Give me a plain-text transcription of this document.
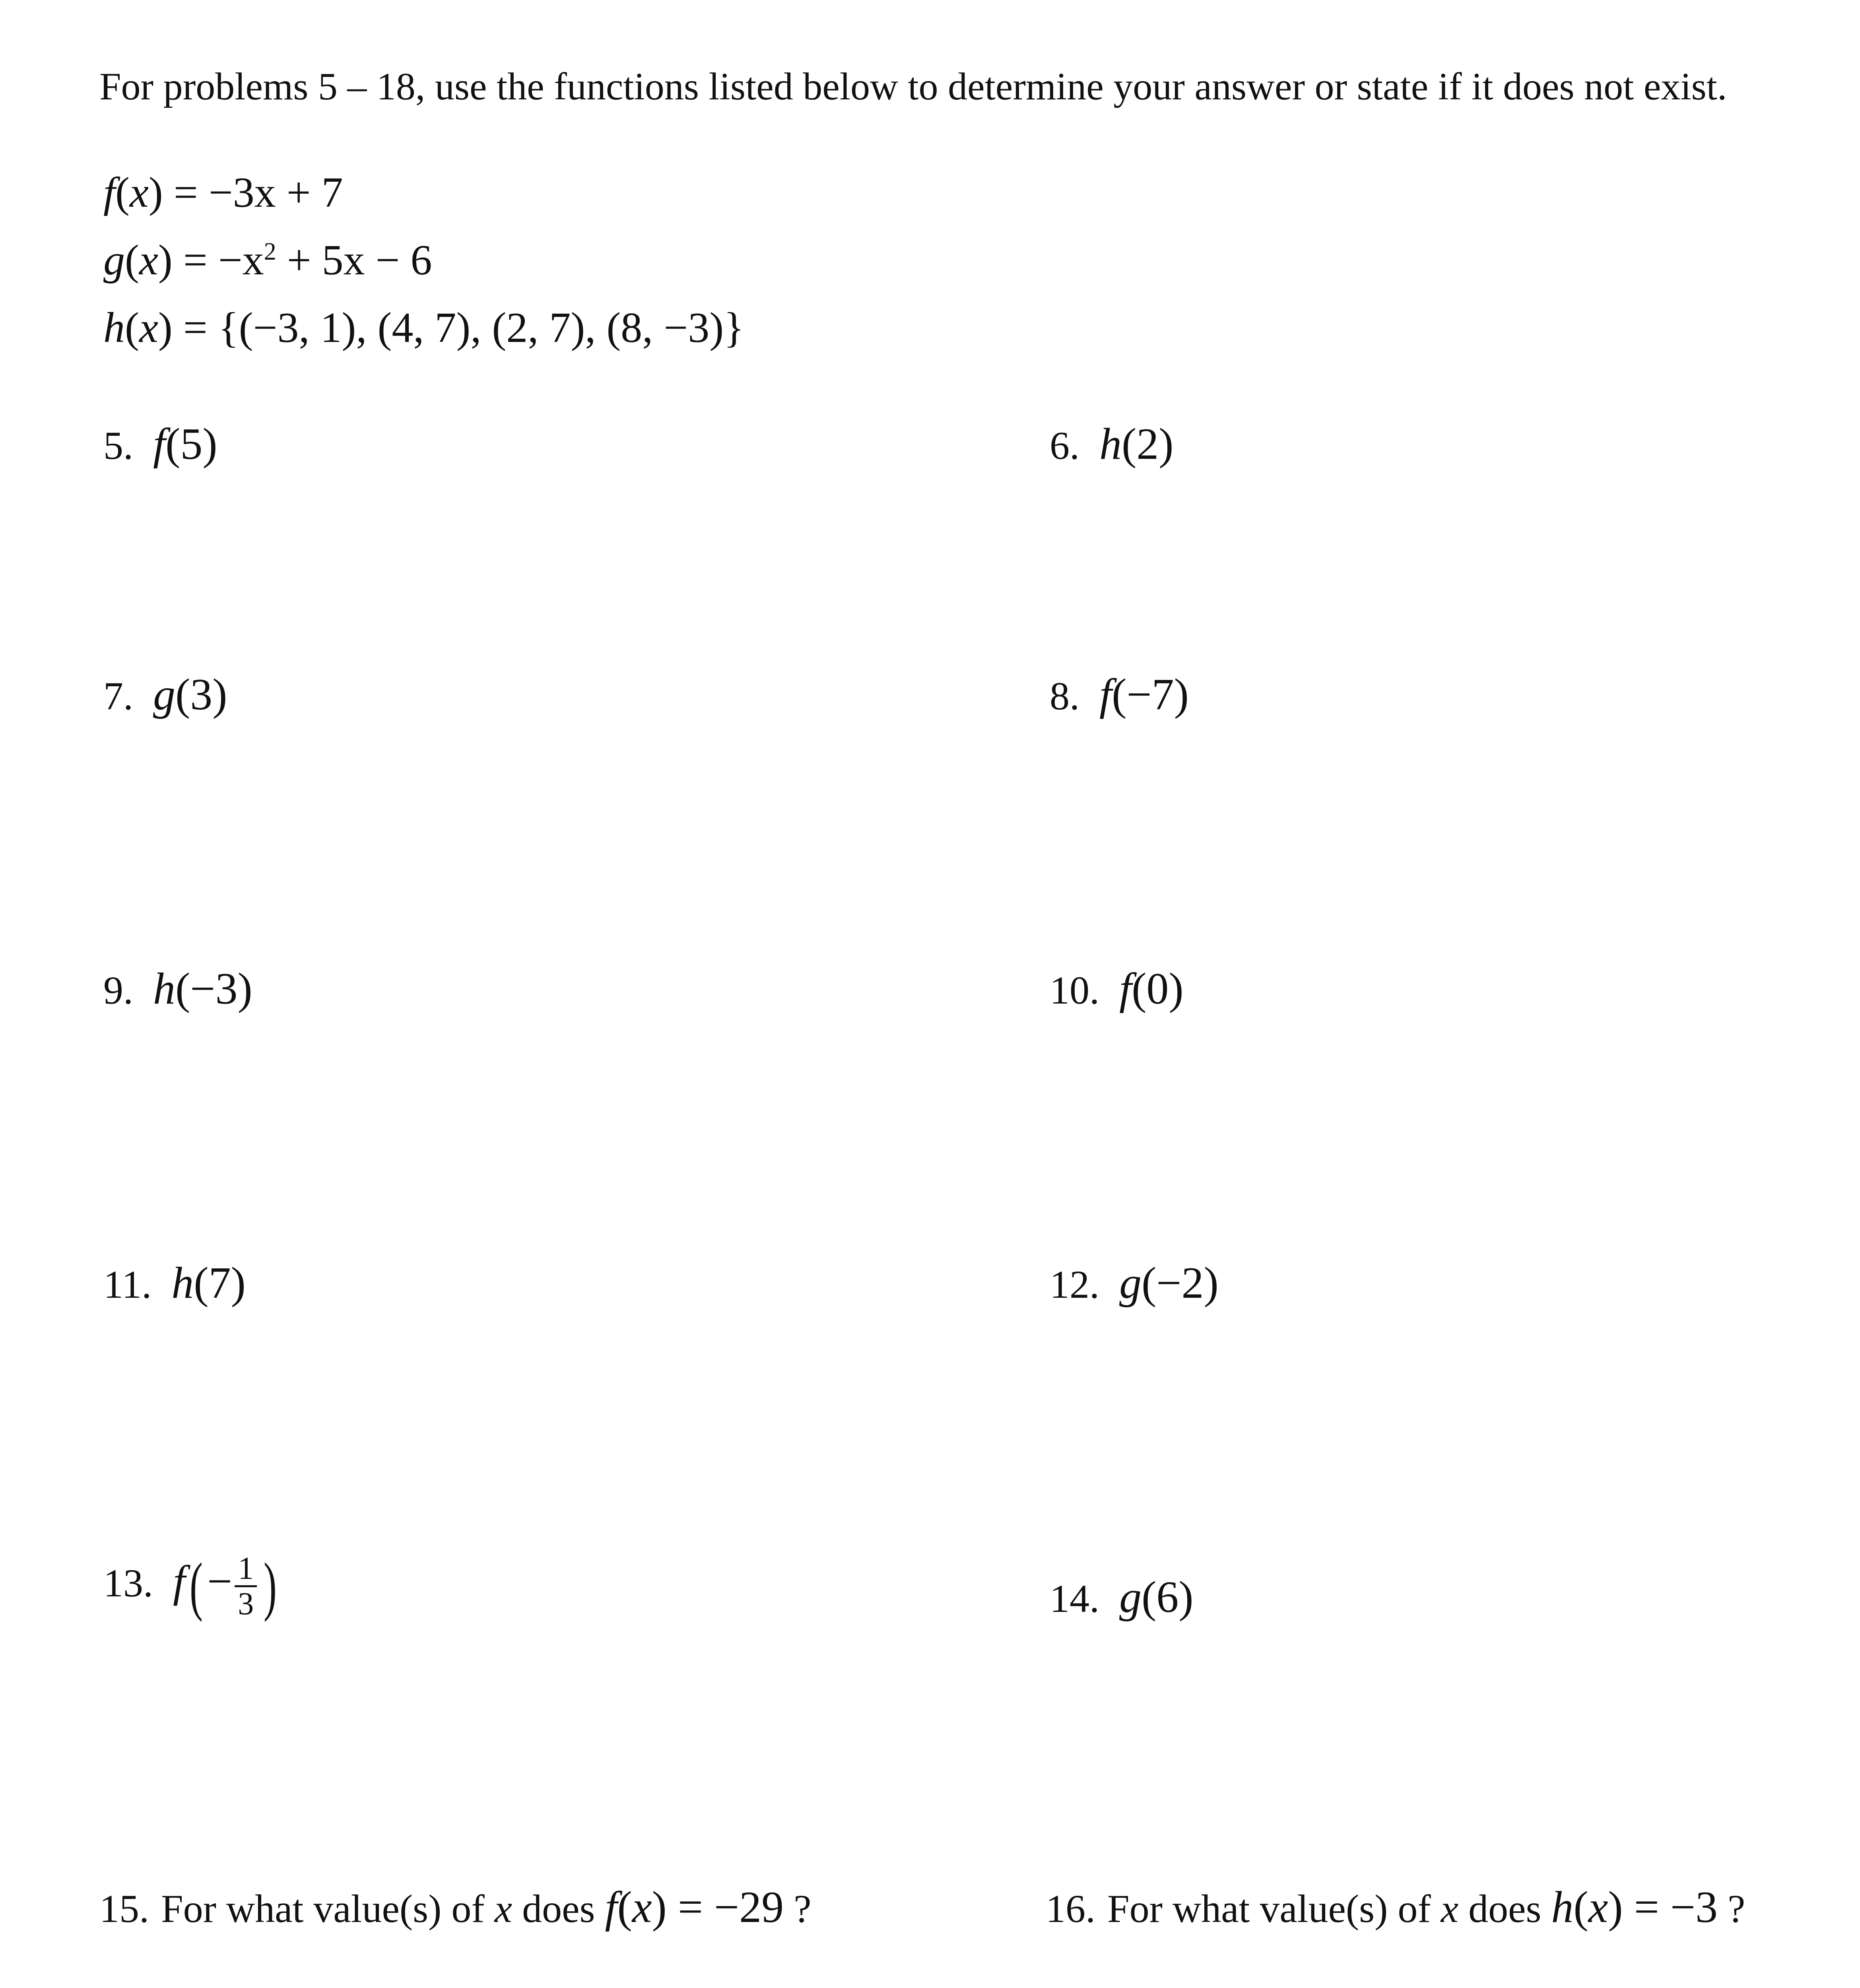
For problems 5 – 18, use the functions listed below to determine your answer or state if it does not exist.
f(x) = −3x + 7
$g(x) = -x^2 + 5x - 6$
h(x) = {(−3, 1), (4, 7), (2, 7), (8, −3)}
5. f(5)	6. h(2)
7. g(3)	8. f(−7)
9. h(−3)	10. f(0)
11. h(7)	12. g(−2)
13. $f(- \frac{1}{3}$ )	14. g(6)
15. For what value(s) of x does f(x) = −29 ?	16. For what value(s) of x does h(x) = −3 ?
